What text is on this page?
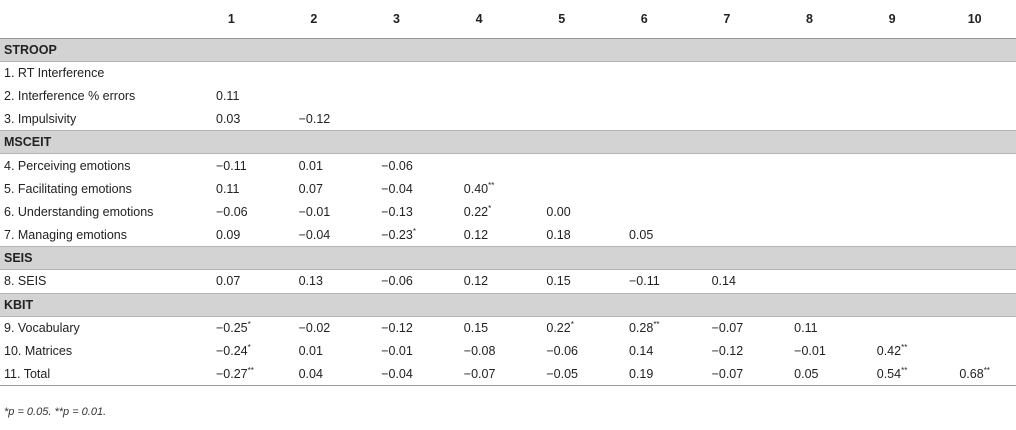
	1	2	3	4	5	6	7	8	9	10
STROOP										
1. RT Interference										
2. Interference % errors	0.11									
3. Impulsivity	0.03	−0.12								
MSCEIT										
4. Perceiving emotions	−0.11	0.01	−0.06							
5. Facilitating emotions	0.11	0.07	−0.04	0.40**						
6. Understanding emotions	−0.06	−0.01	−0.13	0.22*	0.00					
7. Managing emotions	0.09	−0.04	−0.23*	0.12	0.18	0.05				
SEIS										
8. SEIS	0.07	0.13	−0.06	0.12	0.15	−0.11	0.14			
KBIT										
9. Vocabulary	−0.25*	−0.02	−0.12	0.15	0.22*	0.28**	−0.07	0.11		
10. Matrices	−0.24*	0.01	−0.01	−0.08	−0.06	0.14	−0.12	−0.01	0.42**	
11. Total	−0.27**	0.04	−0.04	−0.07	−0.05	0.19	−0.07	0.05	0.54**	0.68**

*p = 0.05. **p = 0.01.
